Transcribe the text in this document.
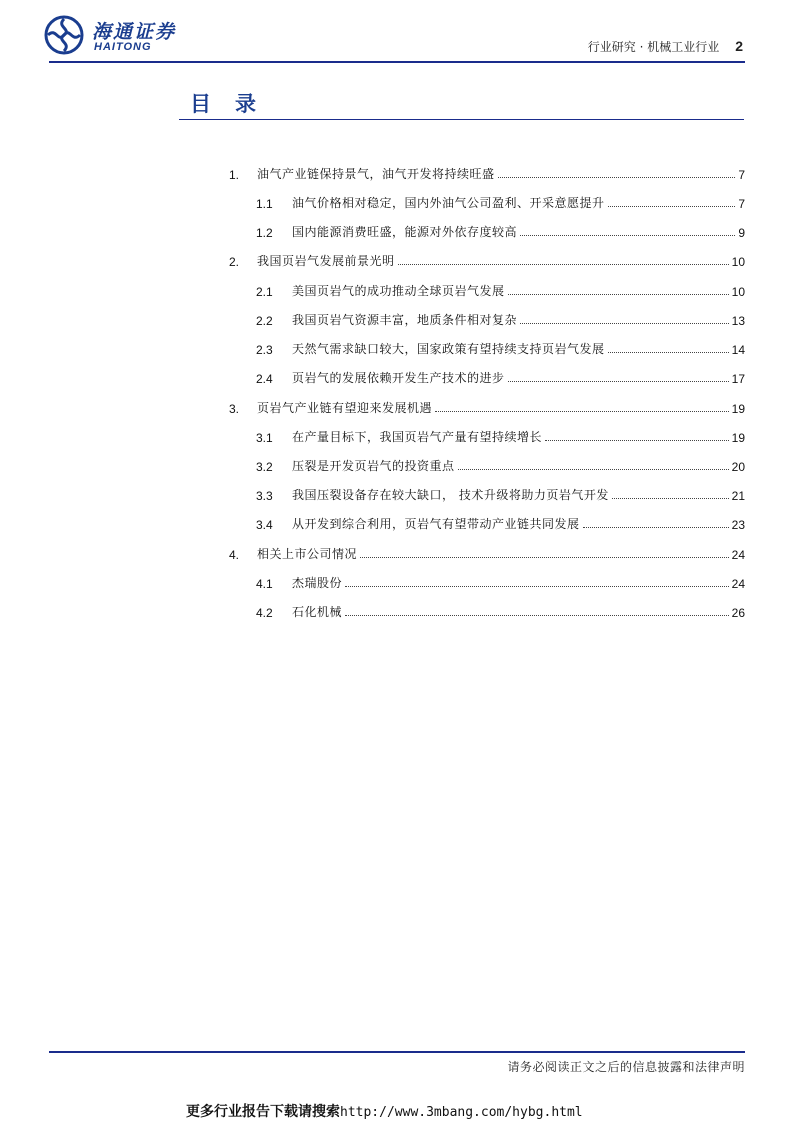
海通证券
HAITONG	行业研究 · 机械工业行业 2
目录
1.	油气产业链保持景气，油气开发将持续旺盛	7
1.1	油气价格相对稳定，国内外油气公司盈利、开采意愿提升	7
1.2	国内能源消费旺盛，能源对外依存度较高	9
2.	我国页岩气发展前景光明	10
2.1	美国页岩气的成功推动全球页岩气发展	10
2.2	我国页岩气资源丰富，地质条件相对复杂	13
2.3	天然气需求缺口较大，国家政策有望持续支持页岩气发展	14
2.4	页岩气的发展依赖开发生产技术的进步	17
3.	页岩气产业链有望迎来发展机遇	19
3.1	在产量目标下，我国页岩气产量有望持续增长	19
3.2	压裂是开发页岩气的投资重点	20
3.3	我国压裂设备存在较大缺口， 技术升级将助力页岩气开发	21
3.4	从开发到综合利用，页岩气有望带动产业链共同发展	23
4.	相关上市公司情况	24
4.1	杰瑞股份	24
4.2	石化机械	26
请务必阅读正文之后的信息披露和法律声明
更多行业报告下载请搜索http://www.3mbang.com/hybg.html
